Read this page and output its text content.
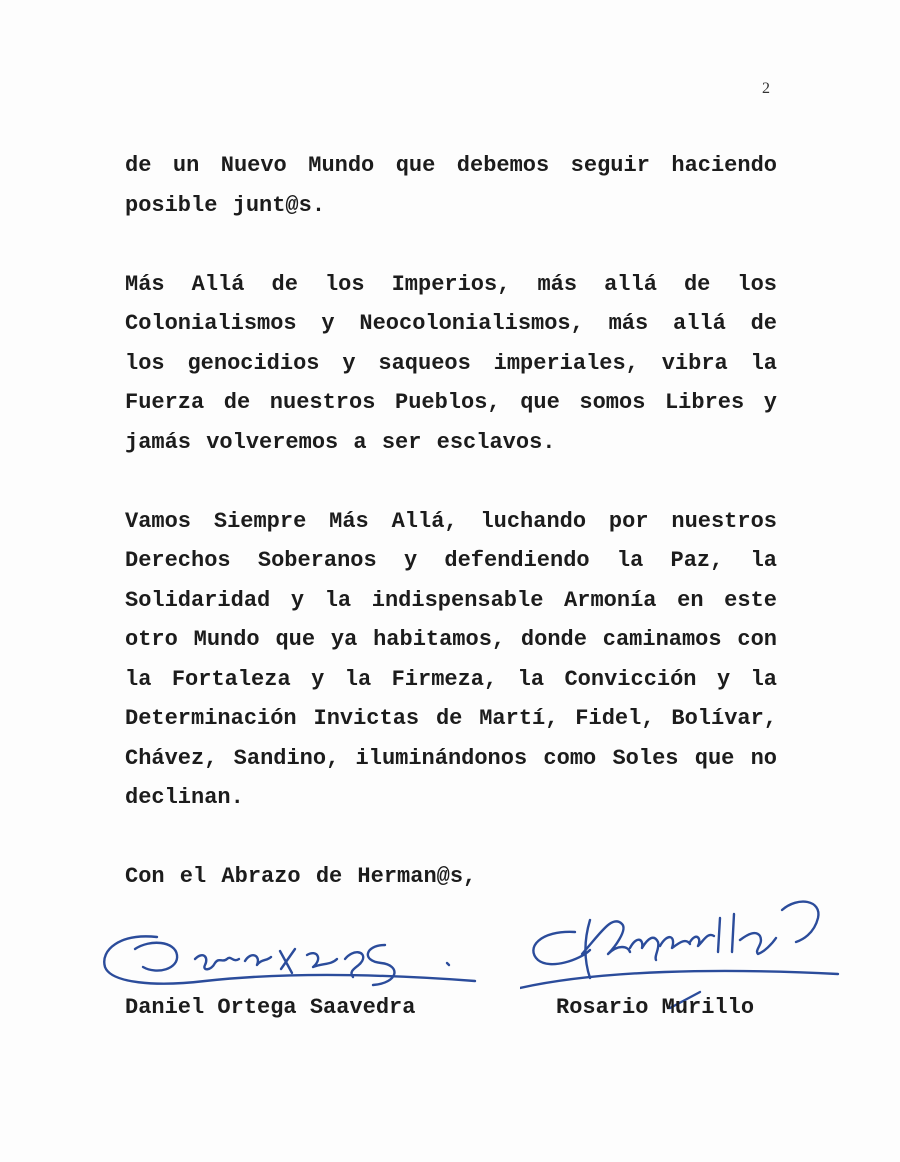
2

de un Nuevo Mundo que debemos seguir haciendo posible junt@s.

Más Allá de los Imperios, más allá de los Colonialismos y Neocolonialismos, más allá de los genocidios y saqueos imperiales, vibra la Fuerza de nuestros Pueblos, que somos Libres y jamás volveremos a ser esclavos.

Vamos Siempre Más Allá, luchando por nuestros Derechos Soberanos y defendiendo la Paz, la Solidaridad y la indispensable Armonía en este otro Mundo que ya habitamos, donde caminamos con la Fortaleza y la Firmeza, la Convicción y la Determinación Invictas de Martí, Fidel, Bolívar, Chávez, Sandino, iluminándonos como Soles que no declinan.

Con el Abrazo de Herman@s,

Daniel Ortega Saavedra	Rosario Murillo
